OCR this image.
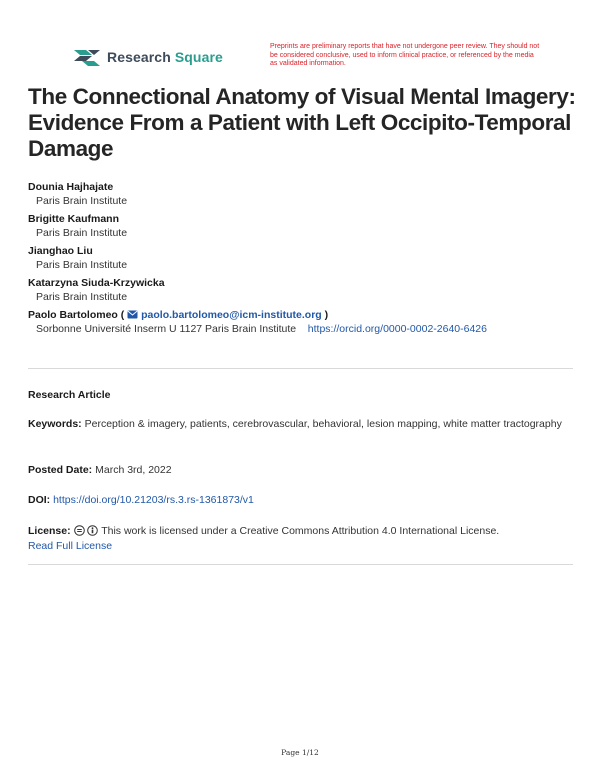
Research Square
Preprints are preliminary reports that have not undergone peer review. They should not be considered conclusive, used to inform clinical practice, or referenced by the media as validated information.
The Connectional Anatomy of Visual Mental Imagery: Evidence From a Patient with Left Occipito-Temporal Damage
Dounia Hajhajate
Paris Brain Institute
Brigitte Kaufmann
Paris Brain Institute
Jianghao Liu
Paris Brain Institute
Katarzyna Siuda-Krzywicka
Paris Brain Institute
Paolo Bartolomeo ( paolo.bartolomeo@icm-institute.org )
Sorbonne Université Inserm U 1127 Paris Brain Institute https://orcid.org/0000-0002-2640-6426
Research Article
Keywords: Perception & imagery, patients, cerebrovascular, behavioral, lesion mapping, white matter tractography
Posted Date: March 3rd, 2022
DOI: https://doi.org/10.21203/rs.3.rs-1361873/v1
License:	This work is licensed under a Creative Commons Attribution 4.0 International License.
Read Full License
Page 1/12
